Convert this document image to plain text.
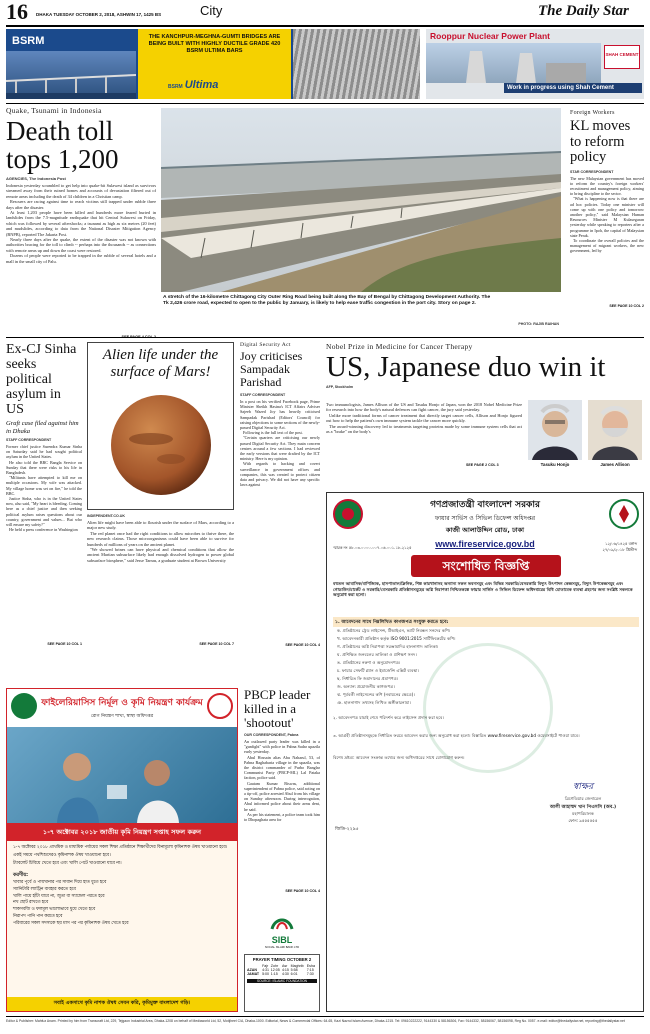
16 DHAKA TUESDAY OCTOBER 2, 2018, ASHWIN 17, 1425 BS	City	The Daily Star
BSRM	THE KANCHPUR-MEGHNA-GUMTI BRIDGES ARE BEING BUILT WITH HIGHLY DUCTILE GRADE 420 BSRM ULTIMA BARS
BSRM Ultima
Rooppur Nuclear Power Plant
SHAH CEMENT
Work in progress using Shah Cement
Quake, Tsunami in Indonesia
Death toll tops 1,200
AGENCIES, The Indonesia Post

Indonesia yesterday scrambled to get help into quake-hit Sulawesi island as survivors streamed away from their ruined homes and accounts of devastation filtered out of remote areas including the death of 34 children in a Christian camp.

Rescuers are racing against time to reach victims still trapped under rubble three days after the disaster.

At least 1,203 people have been killed and hundreds more feared buried in landslides from the 7.5-magnitude earthquake that hit Central Sulawesi on Friday, which was followed by several aftershocks; a tsunami as high as six metres (20 feet) and mudslides, according to data from the National Disaster Mitigation Agency (BNPB), reported The Jakarta Post.

Nearly three days after the quake, the extent of the disaster was not known with authorities bracing for the toll to climb -- perhaps into the thousands -- as connections with remote areas up and down the coast were restored.

Dozens of people were reported to be trapped in the rubble of several hotels and a mall in the small city of Palu.

A stretch of the 16-kilometre Chittagong City Outer Ring Road being built along the Bay of Bengal by Chittagong Development Authority. The Tk 2,426 crore road, expected to open to the public by January, is likely to help ease traffic congestion in the port city. Story on page 2.
PHOTO: RAJIB RAIHAN
Foreign Workers
KL moves to reform policy
STAR CORRESPONDENT

The new Malaysian government has moved to reform the country's foreign workers' recruitment and management policy, aiming to bring discipline to the sector.

"What is happening now is that there are ad hoc policies. Today one minister will come up with one policy and tomorrow another policy," said Malaysian Human Resources Minister M Kulasegaran yesterday while speaking to reporters after a programme in Ipoh, the capital of Malaysian state Perak.

To coordinate the overall policies and the management of migrant workers, the new government, led by

SEE PAGE 10 COL 2
Ex-CJ Sinha seeks political asylum in US
Graft case filed against him in Dhaka
STAFF CORRESPONDENT

Former chief justice Surendra Kumar Sinha on Saturday said he had sought political asylum in the United States.

He also told the BBC Bangla Service on Sunday that there were risks to his life in Bangladesh.

"Militants have attempted to kill me on multiple occasions. My wife was attacked. My village home was set on fire," he told the BBC.

Justice Sinha, who is in the United States now, also said, "My heart is bleeding. Coming here as a chief justice and then seeking political asylum raises questions about our country, government and values... But who will ensure my safety?"

He held a press conference in Washington

SEE PAGE 10 COL 1
Alien life under the surface of Mars!
INDEPENDENT.CO.UK

Alien life might have been able to flourish under the surface of Mars, according to a major new study.

The red planet once had the right conditions to allow microbes to thrive there, the new research claims. Those microorganisms could have been able to survive for hundreds of millions of years on the ancient planet.

"We showed brines can have physical and chemical conditions that allow the ancient Martian subsurface likely had enough dissolved hydrogen to power global subsurface biosphere," said Jesse Tarnas, a graduate student at Brown University

SEE PAGE 10 COL 7
Digital Security Act
Joy criticises Sampadak Parishad
STAFF CORRESPONDENT

In a post on his verified Facebook page, Prime Minister Sheikh Hasina's ICT Affairs Adviser Sajeeb Wazed Joy has heavily criticised Sampadak Parishad (Editors' Council) for raising objections to some sections of the newly-passed Digital Security Act.

Following is the full text of the post.

"Certain quarters are criticising our newly passed Digital Security Act. They main concern centres around a few sections. I had reviewed the early versions that were drafted by the ICT ministry. Here is my opinion.

With regards to hacking and covert surveillance in government offices and companies, this was created to protect citizen data and privacy. We did not have any specific laws against

SEE PAGE 10 COL 4
Nobel Prize in Medicine for Cancer Therapy
US, Japanese duo win it
AFP, Stockholm

Two immunologists, James Allison of the US and Tasuku Honjo of Japan, won the 2018 Nobel Medicine Prize for research into how the body's natural defences can fight cancer, the jury said yesterday.

Unlike more traditional forms of cancer treatment that directly target cancer cells, Allison and Honjo figured out how to help the patient's own immune system tackle the cancer more quickly.

The award-winning discovery led to treatments targeting proteins made by some immune system cells that act as a "brake" on the body's

SEE PAGE 2 COL 3	Tasuku Honjo	James Allison
গণপ্রজাতন্ত্রী বাংলাদেশ সরকার
ফায়ার সার্ভিস ও সিভিল ডিফেন্স অধিদপ্তর
কাজী আলাউদ্দিন রোড, ঢাকা
www.fireservice.gov.bd
স্মারক নং ৫৮.০৩.০০০০.০০৭.০৬.০০১.১৮-২১২৫
১২/০৬/১৪২৫ বঙ্গাব্দ
২৭/০৯/২০১৮ খ্রিস্টাব্দ
সংশোধিত বিজ্ঞপ্তি
বহুতল আবাসিক/বাণিজ্যিক, হাসপাতাল/ক্লিনিক, শিল্প কারখানাসহ অন্যান্য সকল ভবনসমূহ এবং বিভিন্ন সরকারি/বেসরকারি বিদ্যুৎ উৎপাদন কেন্দ্রসমূহ, বিদ্যুৎ উপকেন্দ্রসমূহ এবং গোডাউন/মার্কেট ও সরকারি/বেসরকারি প্রতিষ্ঠানসমূহের অগ্নি নিরাপত্তা নিশ্চিতকল্পে ফায়ার সার্ভিস ও সিভিল ডিফেন্স অধিদপ্তরের বিধি মোতাবেক ব্যবস্থা গ্রহণের জন্য সংশ্লিষ্ট সকলকে অনুরোধ করা হলো।
১. আবেদনের সাথে নিম্নলিখিত কাগজপত্র সংযুক্ত করতে হবে:
ক. প্রতিষ্ঠানের ট্রেড লাইসেন্স, টিআইএন, ভ্যাট নিবন্ধন সনদের কপি।
খ. আবেদনকারী প্রতিষ্ঠান কর্তৃক ISO 9001:2015 সার্টিফিকেটের কপি।
গ. প্রতিষ্ঠানের অগ্নি নিরাপত্তা সরঞ্জামাদির হালনাগাদ তালিকা।
ঘ. প্রশিক্ষিত জনবলের তালিকা ও প্রশিক্ষণ সনদ।
ঙ. প্রতিষ্ঠানের নকশা ও অনুমোদনপত্র।
চ. ফায়ার সেফটি প্ল্যান ও ইমার্জেন্সি এক্সিট ব্যবস্থা।
ছ. নির্ধারিত ফি জমাদানের প্রমাণপত্র।
জ. অন্যান্য প্রয়োজনীয় কাগজপত্র।
ঝ. পূর্ববর্তী লাইসেন্সের কপি (নবায়নের ক্ষেত্রে)।
ঞ. হালনাগাদ তথ্যসহ লিখিত অঙ্গীকারনামা।
২. আবেদনপত্র যাচাই শেষে পরিদর্শন করে লাইসেন্স প্রদান করা হবে।
৩. আগ্রহী প্রতিষ্ঠানসমূহকে নির্ধারিত ফরমে আবেদন করার জন্য অনুরোধ করা হলো। বিস্তারিত www.fireservice.gov.bd ওয়েবসাইটে পাওয়া যাবে।
বিশেষ দ্রষ্টব্য: আবেদন সংক্রান্ত তথ্যের জন্য অধিদপ্তরের সাথে যোগাযোগ করুন।
স্বাক্ষর
ব্রিগেডিয়ার জেনারেল
আলী আহাম্মদ খান পিএসসি (অব.)
মহাপরিচালক
ফোন: ৯৫৫৫৫৫৫
জিডি-২২৯৫
ফাইলেরিয়াসিস নির্মূল ও কৃমি নিয়ন্ত্রণ কার্যক্রম
রোগ নিয়ন্ত্রণ শাখা, স্বাস্থ্য অধিদপ্তর
১-৭ অক্টোবর ২০১৮ জাতীয় কৃমি নিয়ন্ত্রণ সপ্তাহ সফল করুন
১-৭ অক্টোবর ২০১৮ প্রাথমিক ও মাধ্যমিক পর্যায়ের সকল শিক্ষা প্রতিষ্ঠানে শিক্ষার্থীদের বিনামূল্যে কৃমিনাশক ঔষধ খাওয়ানো হবে।
একই সময়ে পথশিশুদেরও কৃমিনাশক ঔষধ খাওয়ানো হবে।
ট্যাবলেট চিবিয়ে খেতে হবে এবং খালি পেটে খাওয়ানো যাবে না।
করণীয়:
খাবার পূর্বে ও পায়খানার পর সাবান দিয়ে হাত ধুতে হবে
স্যানিটারি ল্যাট্রিন ব্যবহার করতে হবে
খালি পায়ে হাঁটা যাবে না, জুতা বা স্যান্ডেল পরতে হবে
নখ ছোট রাখতে হবে
শাকসবজি ও ফলমূল ভালোভাবে ধুয়ে খেতে হবে
নিরাপদ পানি পান করতে হবে
পরিবারের সকল সদস্যকে ছয় মাস পর পর কৃমিনাশক ঔষধ খেতে হবে
সবাই একসাথে কৃমি নাশক ঔষধ সেবন করি, কৃমিমুক্ত বাংলাদেশ গড়ি।
PBCP leader killed in a 'shootout'
OUR CORRESPONDENT, Pabna

An outlawed party leader was killed in a "gunfight" with police in Pabna Sadar upazila early yesterday.

Abul Hossain alias Abu Naharul, 53, of Pabna Baghabaria village in the upazila, was the district commander of Purbo Banglar Communist Party (PBCP-ML) Lal Pataka faction, police said.

Gautam Kumar Biswas, additional superintendent of Pabna police, said acting on a tip-off, police arrested Abul from his village on Sunday afternoon. During interrogation, Abul informed police about their arms dent, he said.

As per his statement, a police team took him to Dhopaghata area for

SEE PAGE 10 COL 4
SIBL
SOCIAL ISLAMI BANK LTD
PRAYER TIMING OCTOBER 2
	Fajr	Zohr	Asr	Maghrib	Esha
AZAN	4:31	12:05	4:15	5:58	7:15
JAMAT	5:00	1:15	4:30	6:01	7:30
SOURCE: ISLAMIC FOUNDATION
Editor & Publisher: Mahfuz Anam. Printed by him from Transcraft Ltd, 229, Tejgaon Industrial Area, Dhaka-1208 on behalf of Mediaworld Ltd, 52, Motijheel C/A, Dhaka-1000. Editorial, News & Commercial Offices: 64-65, Kazi Nazrul Islam Avenue, Dhaka-1215. Tel: 09610222222, 9144330 & 58156306, Fax: 9144332, 58156067, 58156098, Reg No. 0057. e-mail: editor@thedailystar.net, reporting@thedailystar.net
